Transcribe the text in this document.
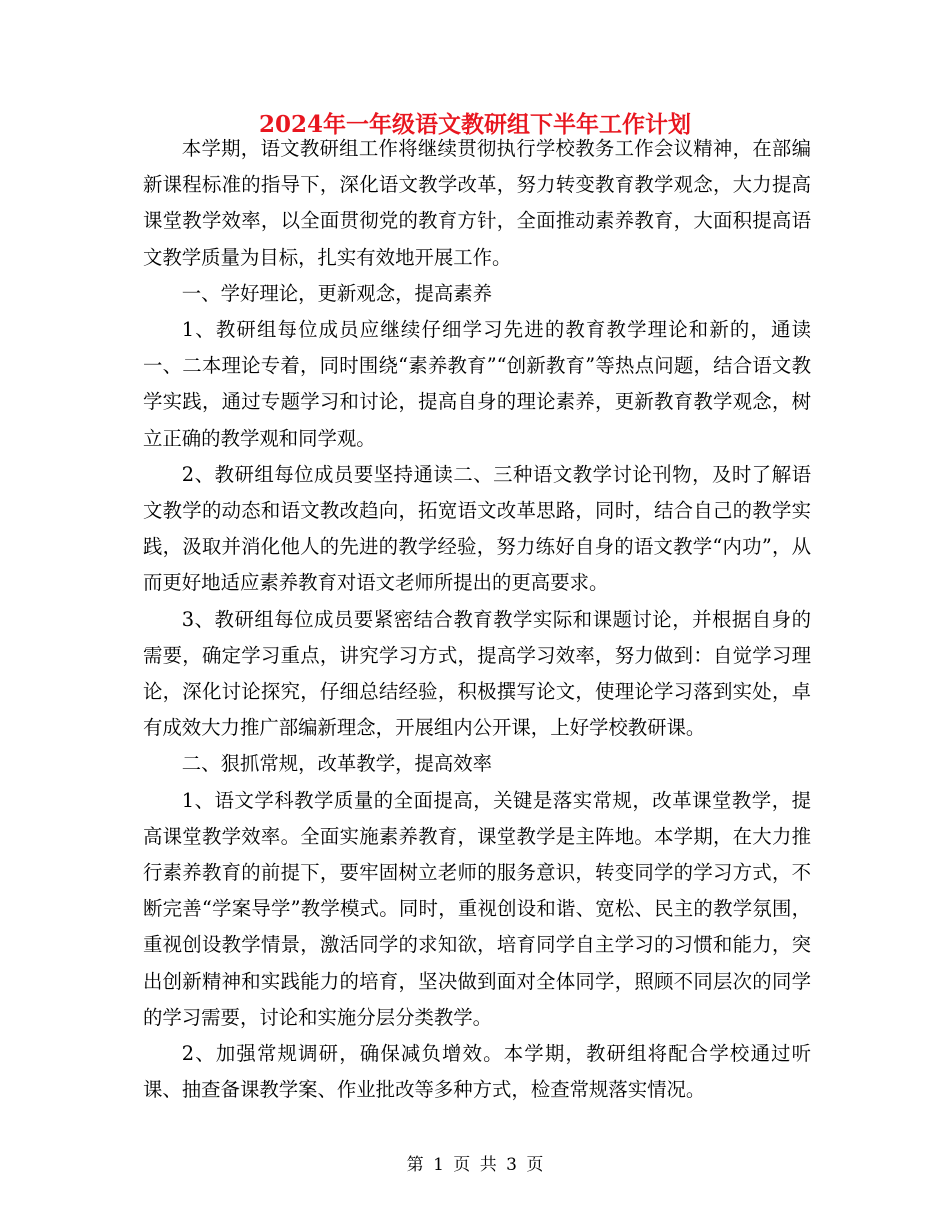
2024年一年级语文教研组下半年工作计划

本学期，语文教研组工作将继续贯彻执行学校教务工作会议精神，在部编新课程标准的指导下，深化语文教学改革，努力转变教育教学观念，大力提高课堂教学效率，以全面贯彻党的教育方针，全面推动素养教育，大面积提高语文教学质量为目标，扎实有效地开展工作。

一、学好理论，更新观念，提高素养

1、教研组每位成员应继续仔细学习先进的教育教学理论和新的，通读一、二本理论专着，同时围绕“素养教育”“创新教育”等热点问题，结合语文教学实践，通过专题学习和讨论，提高自身的理论素养，更新教育教学观念，树立正确的教学观和同学观。

2、教研组每位成员要坚持通读二、三种语文教学讨论刊物，及时了解语文教学的动态和语文教改趋向，拓宽语文改革思路，同时，结合自己的教学实践，汲取并消化他人的先进的教学经验，努力练好自身的语文教学“内功”，从而更好地适应素养教育对语文老师所提出的更高要求。

3、教研组每位成员要紧密结合教育教学实际和课题讨论，并根据自身的需要，确定学习重点，讲究学习方式，提高学习效率，努力做到：自觉学习理论，深化讨论探究，仔细总结经验，积极撰写论文，使理论学习落到实处，卓有成效大力推广部编新理念，开展组内公开课，上好学校教研课。

二、狠抓常规，改革教学，提高效率

1、语文学科教学质量的全面提高，关键是落实常规，改革课堂教学，提高课堂教学效率。全面实施素养教育，课堂教学是主阵地。本学期，在大力推行素养教育的前提下，要牢固树立老师的服务意识，转变同学的学习方式，不断完善“学案导学”教学模式。同时，重视创设和谐、宽松、民主的教学氛围，重视创设教学情景，激活同学的求知欲，培育同学自主学习的习惯和能力，突出创新精神和实践能力的培育，坚决做到面对全体同学，照顾不同层次的同学的学习需要，讨论和实施分层分类教学。

2、加强常规调研，确保减负增效。本学期，教研组将配合学校通过听课、抽查备课教学案、作业批改等多种方式，检查常规落实情况。

第 1 页 共 3 页
